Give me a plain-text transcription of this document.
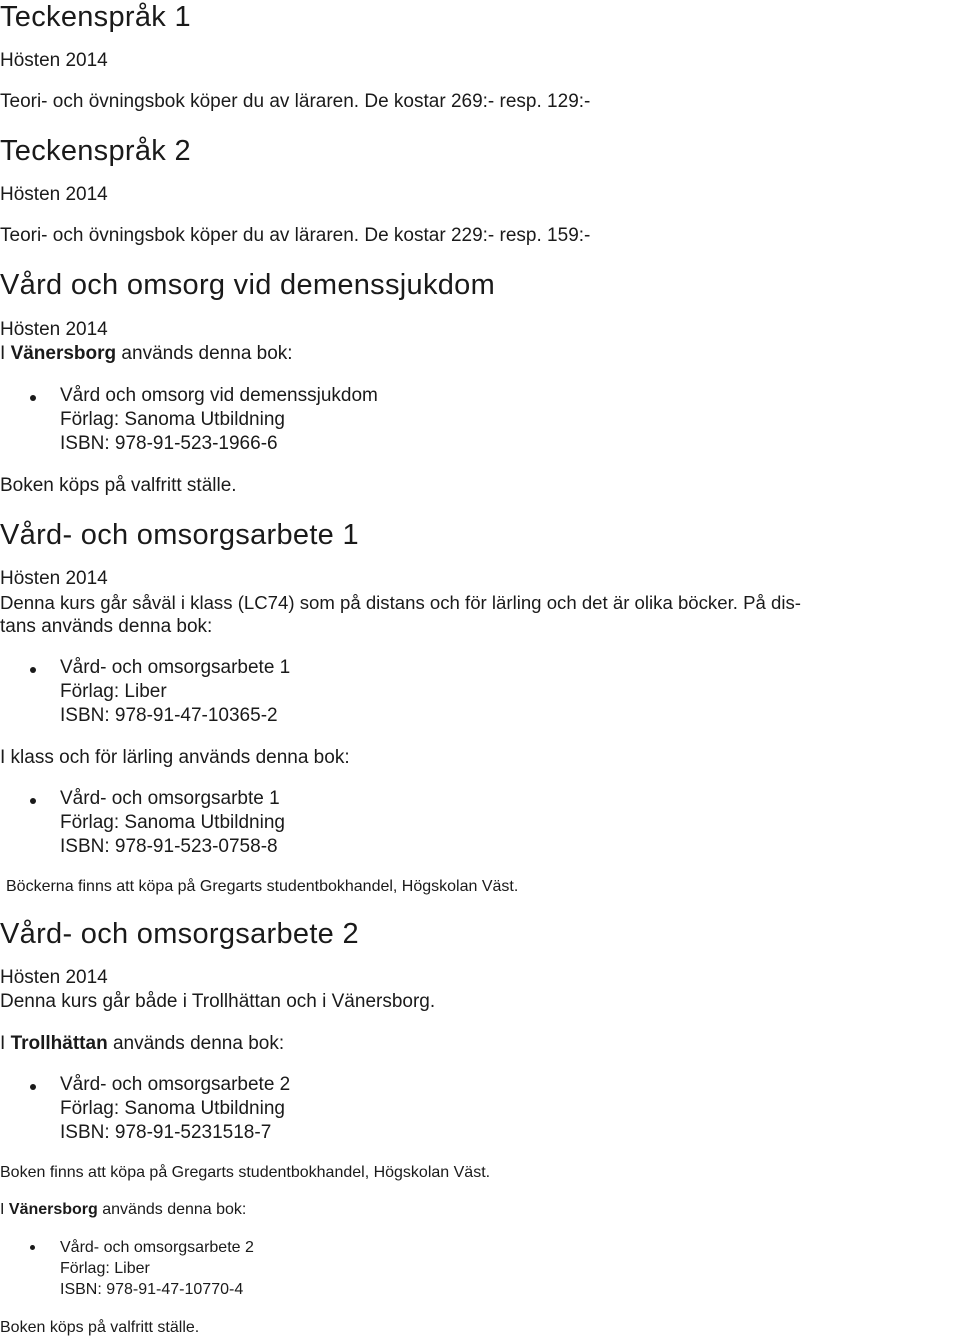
Teckenspråk 1
Hösten 2014
Teori- och övningsbok köper du av läraren. De kostar 269:- resp. 129:-
Teckenspråk 2
Hösten 2014
Teori- och övningsbok köper du av läraren. De kostar 229:- resp. 159:-
Vård och omsorg vid demenssjukdom
Hösten 2014
I Vänersborg används denna bok:
Vård och omsorg vid demenssjukdom
Förlag: Sanoma Utbildning
ISBN: 978-91-523-1966-6
Boken köps på valfritt ställe.
Vård- och omsorgsarbete 1
Hösten 2014
Denna kurs går såväl i klass (LC74) som på distans och för lärling och det är olika böcker. På dis-
tans används denna bok:
Vård- och omsorgsarbete 1
Förlag: Liber
ISBN: 978-91-47-10365-2
I klass och för lärling används denna bok:
Vård- och omsorgsarbte 1
Förlag: Sanoma Utbildning
ISBN: 978-91-523-0758-8
Böckerna finns att köpa på Gregarts studentbokhandel, Högskolan Väst.
Vård- och omsorgsarbete 2
Hösten 2014
Denna kurs går både i Trollhättan och i Vänersborg.
I Trollhättan används denna bok:
Vård- och omsorgsarbete 2
Förlag: Sanoma Utbildning
ISBN: 978-91-5231518-7
Boken finns att köpa på Gregarts studentbokhandel, Högskolan Väst.
I Vänersborg används denna bok:
Vård- och omsorgsarbete 2
Förlag: Liber
ISBN: 978-91-47-10770-4
Boken köps på valfritt ställe.
